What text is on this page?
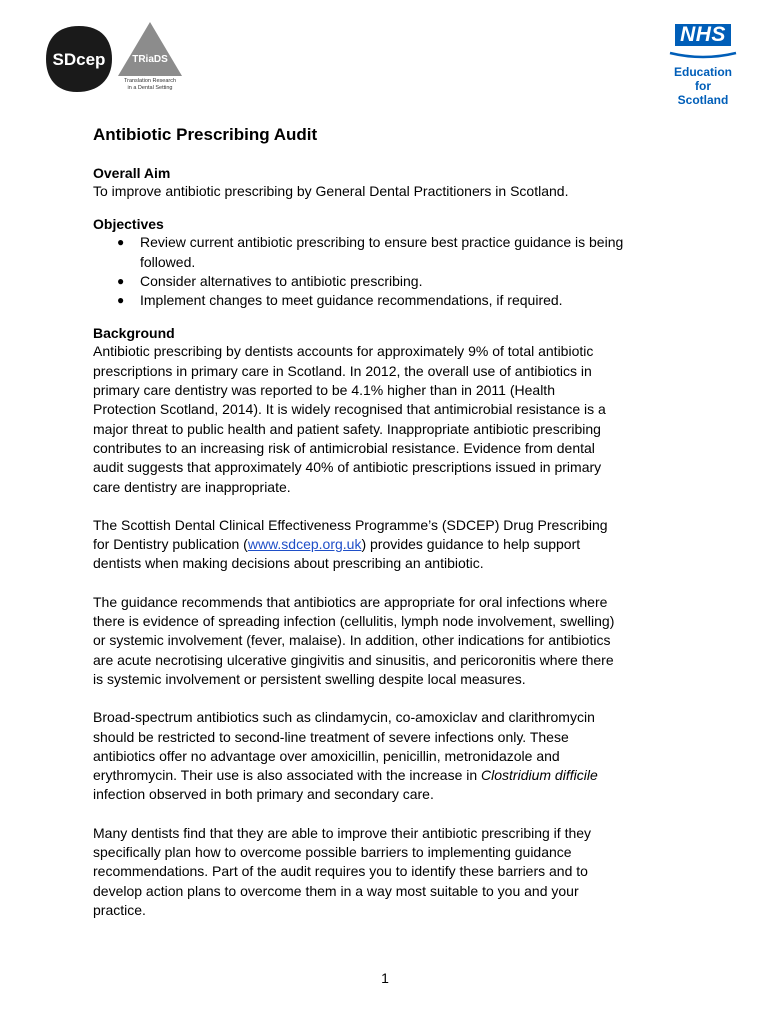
SDcep	TRiaDS
Translation Research
in a Dental Setting
NHS
Education
for
Scotland
Antibiotic Prescribing Audit

Overall Aim

To improve antibiotic prescribing by General Dental Practitioners in Scotland.

Objectives

● Review current antibiotic prescribing to ensure best practice guidance is being
followed.
● Consider alternatives to antibiotic prescribing.
● Implement changes to meet guidance recommendations, if required.

Background

Antibiotic prescribing by dentists accounts for approximately 9% of total antibiotic
prescriptions in primary care in Scotland. In 2012, the overall use of antibiotics in
primary care dentistry was reported to be 4.1% higher than in 2011 (Health
Protection Scotland, 2014). It is widely recognised that antimicrobial resistance is a
major threat to public health and patient safety. Inappropriate antibiotic prescribing
contributes to an increasing risk of antimicrobial resistance. Evidence from dental
audit suggests that approximately 40% of antibiotic prescriptions issued in primary
care dentistry are inappropriate.

The Scottish Dental Clinical Effectiveness Programme’s (SDCEP) Drug Prescribing
for Dentistry publication (www.sdcep.org.uk) provides guidance to help support
dentists when making decisions about prescribing an antibiotic.

The guidance recommends that antibiotics are appropriate for oral infections where
there is evidence of spreading infection (cellulitis, lymph node involvement, swelling)
or systemic involvement (fever, malaise). In addition, other indications for antibiotics
are acute necrotising ulcerative gingivitis and sinusitis, and pericoronitis where there
is systemic involvement or persistent swelling despite local measures.

Broad-spectrum antibiotics such as clindamycin, co-amoxiclav and clarithromycin
should be restricted to second-line treatment of severe infections only. These
antibiotics offer no advantage over amoxicillin, penicillin, metronidazole and
erythromycin. Their use is also associated with the increase in Clostridium difficile
infection observed in both primary and secondary care.

Many dentists find that they are able to improve their antibiotic prescribing if they
specifically plan how to overcome possible barriers to implementing guidance
recommendations. Part of the audit requires you to identify these barriers and to
develop action plans to overcome them in a way most suitable to you and your
practice.

1
